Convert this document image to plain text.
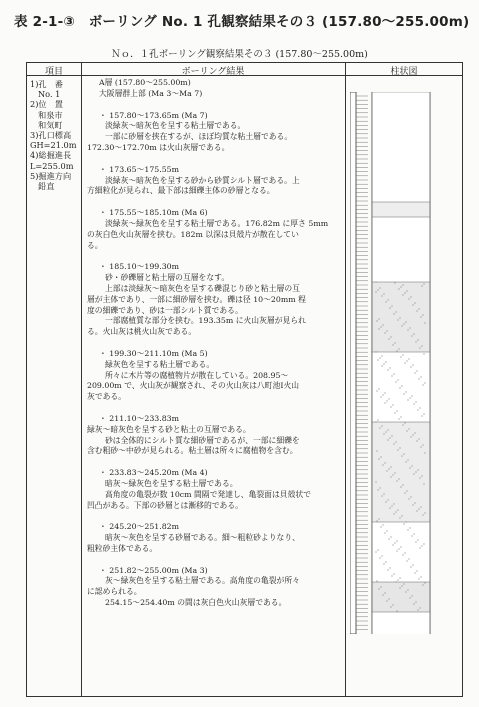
表 2-1-③　ボーリング No. 1 孔観察結果その３ (157.80～255.00m)
Ｎｏ．１孔ボーリング観察結果その３ (157.80～255.00m)
項目	ボーリング結果	柱状図
1)孔　番
No. 1
2)位　置
和泉市
和気町
3)孔口標高
GH=21.0m
4)総掘進長
L=255.0m
5)掘進方向
鉛直
A層 (157.80～255.00m)
大阪層群上部 (Ma 3～Ma 7)
・ 157.80～173.65m (Ma 7)
淡緑灰～暗灰色を呈する粘土層である。
一部に砂層を挟在するが、ほぼ均質な粘土層である。
172.30～172.70m は火山灰層である。
・ 173.65～175.55m
淡緑灰～暗灰色を呈する砂から砂質シルト層である。上
方細粒化が見られ、最下部は細礫主体の砂層となる。
・ 175.55～185.10m (Ma 6)
淡緑灰～緑灰色を呈する粘土層である。176.82m に厚さ 5mm
の灰白色火山灰層を挟む。182m 以深は貝殻片が散在してい
る。
・ 185.10～199.30m
砂・砂礫層と粘土層の互層をなす。
上部は淡緑灰～暗灰色を呈する礫混じり砂と粘土層の互
層が主体であり、一部に細砂層を挟む。礫は径 10～20mm 程
度の細礫であり、砂は一部シルト質である。
一部腐植質な部分を挟む。193.35m に火山灰層が見られ
る。火山灰は桃火山灰である。
・ 199.30～211.10m (Ma 5)
緑灰色を呈する粘土層である。
所々に木片等の腐植物片が散在している。208.95～
209.00m で、火山灰が観察され、その火山灰は八町池Ⅰ火山
灰である。
・ 211.10～233.83m
緑灰～暗灰色を呈する砂と粘土の互層である。
砂は全体的にシルト質な細砂層であるが、一部に細礫を
含む粗砂～中砂が見られる。粘土層は所々に腐植物を含む。
・ 233.83～245.20m (Ma 4)
暗灰～緑灰色を呈する粘土層である。
高角度の亀裂が数 10cm 間隔で発達し、亀裂面は貝殻状で
凹凸がある。下部の砂層とは漸移的である。
・ 245.20～251.82m
暗灰～灰色を呈する砂層である。細～粗粒砂よりなり、
粗粒砂主体である。
・ 251.82～255.00m (Ma 3)
灰～緑灰色を呈する粘土層である。高角度の亀裂が所々
に認められる。
254.15～254.40m の間は灰白色火山灰層である。
